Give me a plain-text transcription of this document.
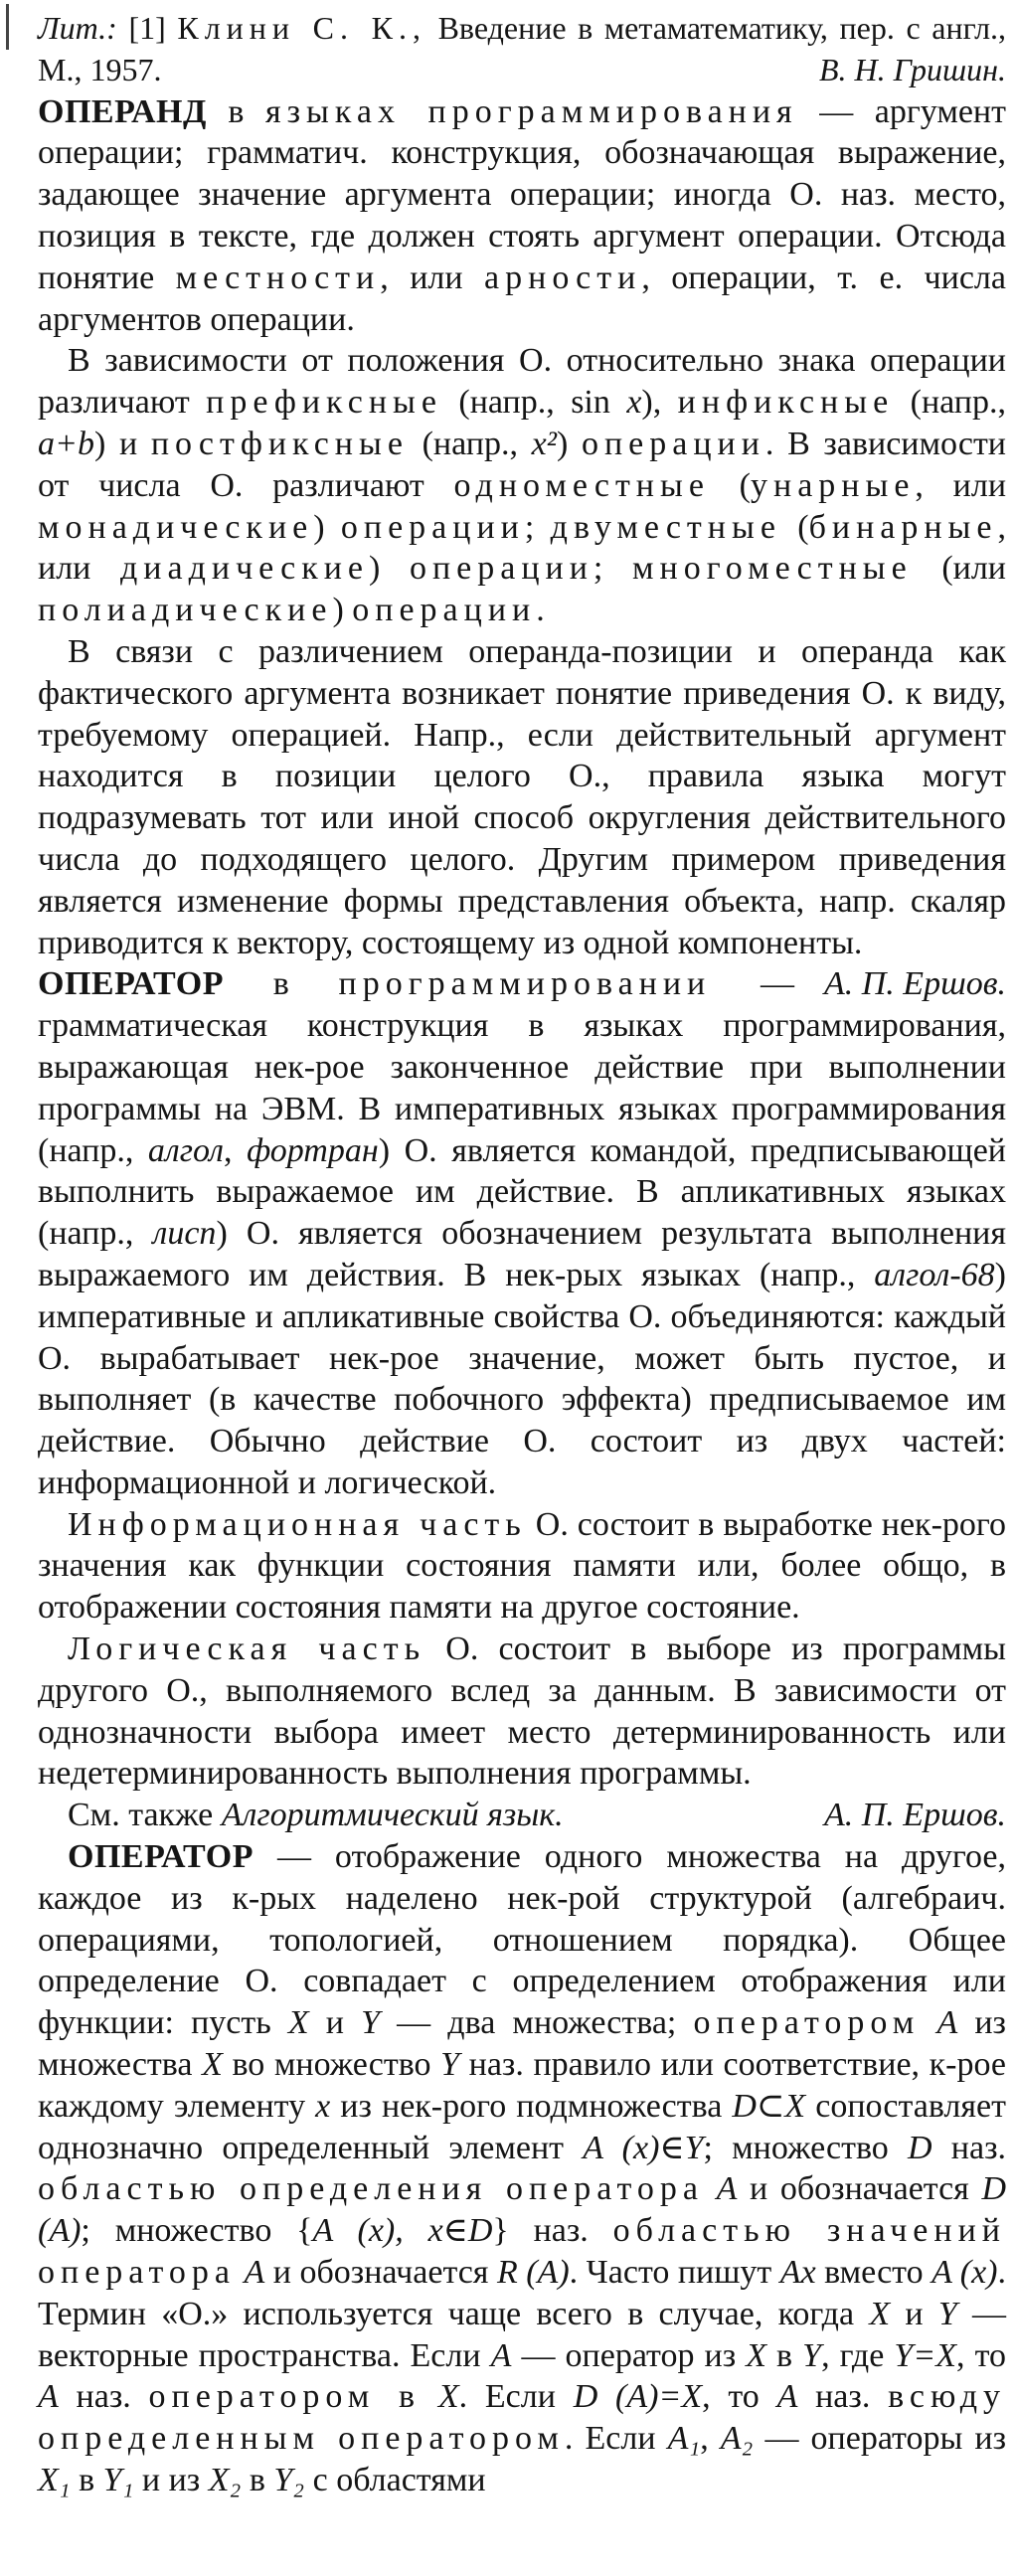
Лит.: [1] Клини С. К., Введение в метаматематику, пер. с англ., М., 1957.	В. Н. Гришин.

ОПЕРАНД в языках программирования — аргумент операции; грамматич. конструкция, обозначающая выражение, задающее значение аргумента операции; иногда О. наз. место, позиция в тексте, где должен стоять аргумент операции. Отсюда понятие местности, или арности, операции, т. е. числа аргументов операции.

В зависимости от положения О. относительно знака операции различают префиксные (напр., sin x), инфиксные (напр., a+b) и постфиксные (напр., x²) операции. В зависимости от числа О. различают одноместные (унарные, или монадические) операции; двуместные (бинарные, или диадические) операции; многоместные (или полиадические) операции.

В связи с различением операнда-позиции и операнда как фактического аргумента возникает понятие приведения О. к виду, требуемому операцией. Напр., если действительный аргумент находится в позиции целого О., правила языка могут подразумевать тот или иной способ округления действительного числа до подходящего целого. Другим примером приведения является изменение формы представления объекта, напр. скаляр приводится к вектору, состоящему из одной компоненты.
А. П. Ершов.

ОПЕРАТОР в программировании — грамматическая конструкция в языках программирования, выражающая нек-рое законченное действие при выполнении программы на ЭВМ. В императивных языках программирования (напр., алгол, фортран) О. является командой, предписывающей выполнить выражаемое им действие. В апликативных языках (напр., лисп) О. является обозначением результата выполнения выражаемого им действия. В нек-рых языках (напр., алгол-68) императивные и апликативные свойства О. объединяются: каждый О. вырабатывает нек-рое значение, может быть пустое, и выполняет (в качестве побочного эффекта) предписываемое им действие. Обычно действие О. состоит из двух частей: информационной и логической.

Информационная часть О. состоит в выработке нек-рого значения как функции состояния памяти или, более общо, в отображении состояния памяти на другое состояние.

Логическая часть О. состоит в выборе из программы другого О., выполняемого вслед за данным. В зависимости от однозначности выбора имеет место детерминированность или недетерминированность выполнения программы.

См. также Алгоритмический язык.	А. П. Ершов.

ОПЕРАТОР — отображение одного множества на другое, каждое из к-рых наделено нек-рой структурой (алгебраич. операциями, топологией, отношением порядка). Общее определение О. совпадает с определением отображения или функции: пусть X и Y — два множества; оператором A из множества X во множество Y наз. правило или соответствие, к-рое каждому элементу x из нек-рого подмножества D⊂X сопоставляет однозначно определенный элемент A (x)∈Y; множество D наз. областью определения оператора A и обозначается D (A); множество {A (x), x∈D} наз. областью значений оператора A и обозначается R (A). Часто пишут Ax вместо A (x). Термин «О.» используется чаще всего в случае, когда X и Y — векторные пространства. Если A — оператор из X в Y, где Y=X, то A наз. оператором в X. Если D (A)=X, то A наз. всюду определенным оператором. Если A₁, A₂ — операторы из X₁ в Y₁ и из X₂ в Y₂ с областями
